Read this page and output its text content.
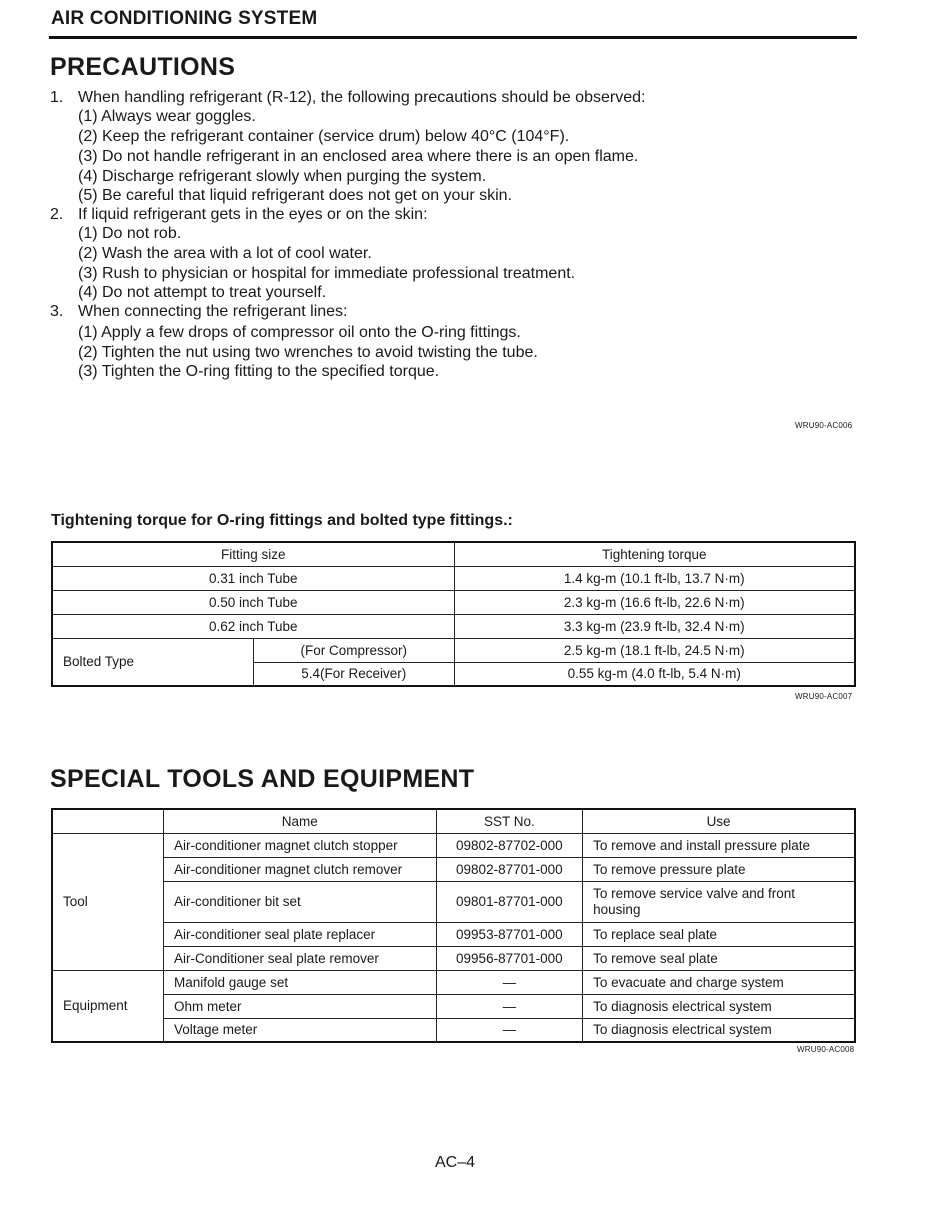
AIR CONDITIONING SYSTEM
PRECAUTIONS
1. When handling refrigerant (R-12), the following precautions should be observed:
(1) Always wear goggles.
(2) Keep the refrigerant container (service drum) below 40°C (104°F).
(3) Do not handle refrigerant in an enclosed area where there is an open flame.
(4) Discharge refrigerant slowly when purging the system.
(5) Be careful that liquid refrigerant does not get on your skin.
2. If liquid refrigerant gets in the eyes or on the skin:
(1) Do not rob.
(2) Wash the area with a lot of cool water.
(3) Rush to physician or hospital for immediate professional treatment.
(4) Do not attempt to treat yourself.
3. When connecting the refrigerant lines:
(1) Apply a few drops of compressor oil onto the O-ring fittings.
(2) Tighten the nut using two wrenches to avoid twisting the tube.
(3) Tighten the O-ring fitting to the specified torque.
WRU90-AC006
Tightening torque for O-ring fittings and bolted type fittings.:
Fitting size		Tightening torque
0.31 inch Tube		1.4 kg-m (10.1 ft-lb, 13.7 N·m)
0.50 inch Tube		2.3 kg-m (16.6 ft-lb, 22.6 N·m)
0.62 inch Tube		3.3 kg-m (23.9 ft-lb, 32.4 N·m)
Bolted Type	(For Compressor)	2.5 kg-m (18.1 ft-lb, 24.5 N·m)
	5.4(For Receiver)	0.55 kg-m (4.0 ft-lb, 5.4 N·m)
WRU90-AC007
SPECIAL TOOLS AND EQUIPMENT
	Name	SST No.	Use
Tool	Air-conditioner magnet clutch stopper	09802-87702-000	To remove and install pressure plate
	Air-conditioner magnet clutch remover	09802-87701-000	To remove pressure plate
	Air-conditioner bit set	09801-87701-000	To remove service valve and front housing
	Air-conditioner seal plate replacer	09953-87701-000	To replace seal plate
	Air-Conditioner seal plate remover	09956-87701-000	To remove seal plate
Equipment	Manifold gauge set	—	To evacuate and charge system
	Ohm meter	—	To diagnosis electrical system
	Voltage meter	—	To diagnosis electrical system
WRU90-AC008
AC–4
